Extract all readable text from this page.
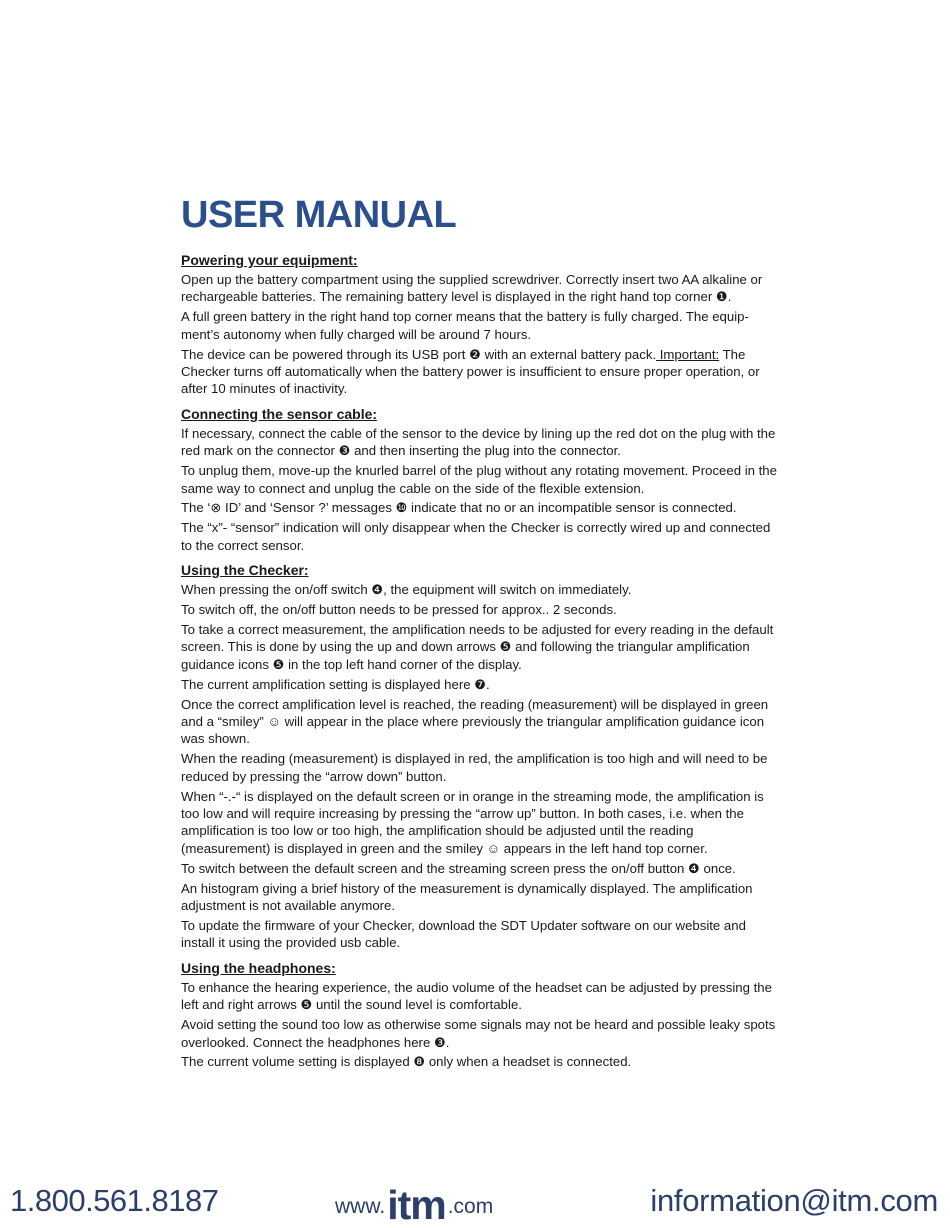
USER MANUAL
Powering your equipment:

Open up the battery compartment using the supplied screwdriver. Correctly insert two AA alkaline or rechargeable batteries. The remaining battery level is displayed in the right hand top corner ❶.

A full green battery in the right hand top corner means that the battery is fully charged. The equip-ment’s autonomy when fully charged will be around 7 hours.

The device can be powered through its USB port ❷ with an external battery pack. Important: The Checker turns off automatically when the battery power is insufficient to ensure proper operation, or after 10 minutes of inactivity.

Connecting the sensor cable:

If necessary, connect the cable of the sensor to the device by lining up the red dot on the plug with the red mark on the connector ❸ and then inserting the plug into the connector.

To unplug them, move-up the knurled barrel of the plug without any rotating movement. Proceed in the same way to connect and unplug the cable on the side of the flexible extension.

The ‘⊗ ID’ and ‘Sensor ?’ messages ❿ indicate that no or an incompatible sensor is connected.

The “x”- “sensor” indication will only disappear when the Checker is correctly wired up and connected to the correct sensor.

Using the Checker:

When pressing the on/off switch ❹, the equipment will switch on immediately.

To switch off, the on/off button needs to be pressed for approx.. 2 seconds.

To take a correct measurement, the amplification needs to be adjusted for every reading in the default screen. This is done by using the up and down arrows ❺ and following the triangular amplification guidance icons ❺ in the top left hand corner of the display.

The current amplification setting is displayed here ❼.

Once the correct amplification level is reached, the reading (measurement) will be displayed in green and a “smiley” ☺ will appear in the place where previously the triangular amplification guidance icon was shown.

When the reading (measurement) is displayed in red, the amplification is too high and will need to be reduced by pressing the “arrow down” button.

When “-.-“ is displayed on the default screen or in orange in the streaming mode, the amplification is too low and will require increasing by pressing the “arrow up” button. In both cases, i.e. when the amplification is too low or too high, the amplification should be adjusted until the reading (measurement) is displayed in green and the smiley ☺ appears in the left hand top corner.

To switch between the default screen and the streaming screen press the on/off button ❹ once.

An histogram giving a brief history of the measurement is dynamically displayed. The amplification adjustment is not available anymore.

To update the firmware of your Checker, download the SDT Updater software on our website and install it using the provided usb cable.

Using the headphones:

To enhance the hearing experience, the audio volume of the headset can be adjusted by pressing the left and right arrows ❺ until the sound level is comfortable.

Avoid setting the sound too low as otherwise some signals may not be heard and possible leaky spots overlooked. Connect the headphones here ❸.

The current volume setting is displayed ❽ only when a headset is connected.

1.800.561.8187	www. itm .com	information@itm.com
